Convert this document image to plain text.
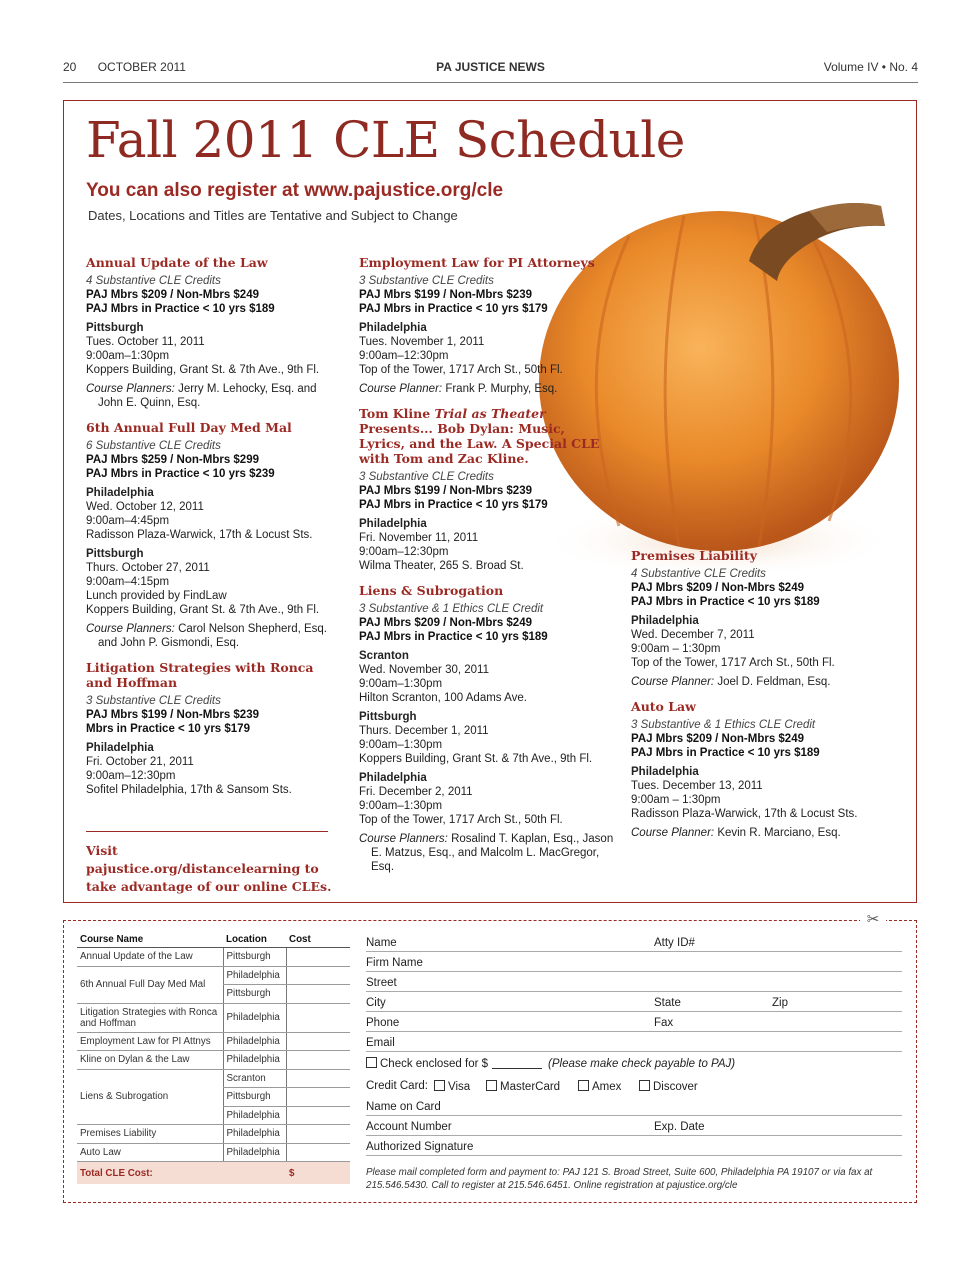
20 OCTOBER 2011	PA JUSTICE NEWS	Volume IV • No. 4
Fall 2011 CLE Schedule
You can also register at www.pajustice.org/cle
Dates, Locations and Titles are Tentative and Subject to Change
Annual Update of the Law
4 Substantive CLE Credits
PAJ Mbrs $209 / Non-Mbrs $249
PAJ Mbrs in Practice < 10 yrs $189
Pittsburgh
Tues. October 11, 2011
9:00am–1:30pm
Koppers Building, Grant St. & 7th Ave., 9th Fl.
Course Planners: Jerry M. Lehocky, Esq. and John E. Quinn, Esq.
6th Annual Full Day Med Mal
6 Substantive CLE Credits
PAJ Mbrs $259 / Non-Mbrs $299
PAJ Mbrs in Practice < 10 yrs $239
Philadelphia
Wed. October 12, 2011
9:00am–4:45pm
Radisson Plaza-Warwick, 17th & Locust Sts.
Pittsburgh
Thurs. October 27, 2011
9:00am–4:15pm
Lunch provided by FindLaw
Koppers Building, Grant St. & 7th Ave., 9th Fl.
Course Planners: Carol Nelson Shepherd, Esq. and John P. Gismondi, Esq.
Litigation Strategies with Ronca and Hoffman
3 Substantive CLE Credits
PAJ Mbrs $199 / Non-Mbrs $239
Mbrs in Practice < 10 yrs $179
Philadelphia
Fri. October 21, 2011
9:00am–12:30pm
Sofitel Philadelphia, 17th & Sansom Sts.
Visit pajustice.org/distancelearning to take advantage of our online CLEs.
Employment Law for PI Attorneys
3 Substantive CLE Credits
PAJ Mbrs $199 / Non-Mbrs $239
PAJ Mbrs in Practice < 10 yrs $179
Philadelphia
Tues. November 1, 2011
9:00am–12:30pm
Top of the Tower, 1717 Arch St., 50th Fl.
Course Planner: Frank P. Murphy, Esq.
Tom Kline Trial as Theater Presents... Bob Dylan: Music, Lyrics, and the Law. A Special CLE with Tom and Zac Kline.
3 Substantive CLE Credits
PAJ Mbrs $199 / Non-Mbrs $239
PAJ Mbrs in Practice < 10 yrs $179
Philadelphia
Fri. November 11, 2011
9:00am–12:30pm
Wilma Theater, 265 S. Broad St.
Liens & Subrogation
3 Substantive & 1 Ethics CLE Credit
PAJ Mbrs $209 / Non-Mbrs $249
PAJ Mbrs in Practice < 10 yrs $189
Scranton
Wed. November 30, 2011
9:00am–1:30pm
Hilton Scranton, 100 Adams Ave.
Pittsburgh
Thurs. December 1, 2011
9:00am–1:30pm
Koppers Building, Grant St. & 7th Ave., 9th Fl.
Philadelphia
Fri. December 2, 2011
9:00am–1:30pm
Top of the Tower, 1717 Arch St., 50th Fl.
Course Planners: Rosalind T. Kaplan, Esq., Jason E. Matzus, Esq., and Malcolm L. MacGregor, Esq.
Premises Liability
4 Substantive CLE Credits
PAJ Mbrs $209 / Non-Mbrs $249
PAJ Mbrs in Practice < 10 yrs $189
Philadelphia
Wed. December 7, 2011
9:00am – 1:30pm
Top of the Tower, 1717 Arch St., 50th Fl.
Course Planner: Joel D. Feldman, Esq.
Auto Law
3 Substantive & 1 Ethics CLE Credit
PAJ Mbrs $209 / Non-Mbrs $249
PAJ Mbrs in Practice < 10 yrs $189
Philadelphia
Tues. December 13, 2011
9:00am – 1:30pm
Radisson Plaza-Warwick, 17th & Locust Sts.
Course Planner: Kevin R. Marciano, Esq.
✂
Course Name	Location	Cost
Annual Update of the Law	Pittsburgh	
6th Annual Full Day Med Mal	Philadelphia	
	Pittsburgh	
Litigation Strategies with Ronca and Hoffman	Philadelphia	
Employment Law for PI Attnys	Philadelphia	
Kline on Dylan & the Law	Philadelphia	
Liens & Subrogation	Scranton	
	Pittsburgh	
	Philadelphia	
Premises Liability	Philadelphia	
Auto Law	Philadelphia	
Total CLE Cost:		$
Name	Atty ID#
Firm Name
Street
City	State	Zip
Phone	Fax
Email
Check enclosed for $	(Please make check payable to PAJ)
Credit Card:	Visa	MasterCard	Amex	Discover
Name on Card
Account Number	Exp. Date
Authorized Signature
Please mail completed form and payment to: PAJ 121 S. Broad Street, Suite 600, Philadelphia PA 19107 or via fax at 215.546.5430. Call to register at 215.546.6451. Online registration at pajustice.org/cle
